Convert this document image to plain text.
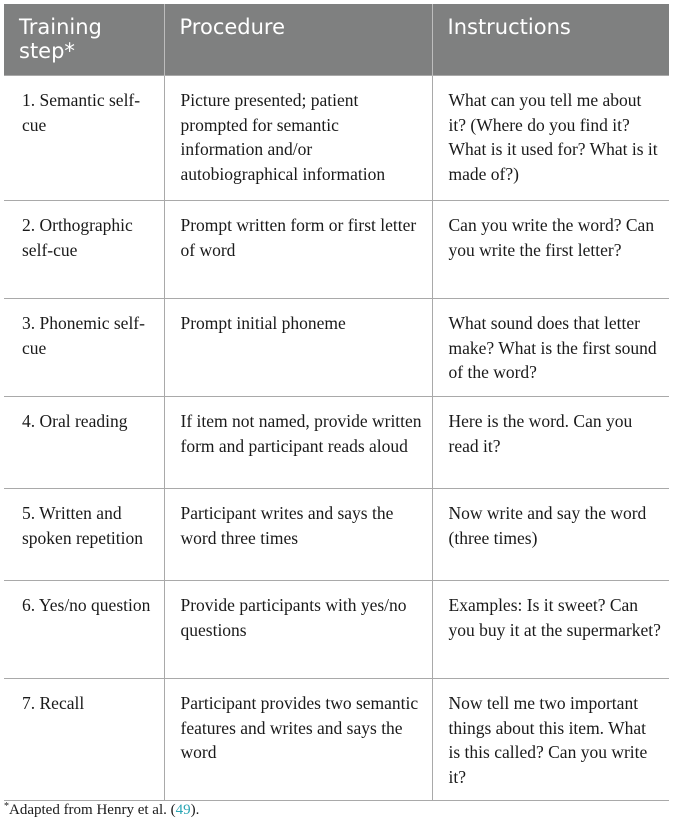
Training step*	Procedure	Instructions
1. Semantic self-cue	Picture presented; patient prompted for semantic information and/or autobiographical information	What can you tell me about it? (Where do you find it? What is it used for? What is it made of?)
2. Orthographic self-cue	Prompt written form or first letter of word	Can you write the word? Can you write the first letter?
3. Phonemic self-cue	Prompt initial phoneme	What sound does that letter make? What is the first sound of the word?
4. Oral reading	If item not named, provide written form and participant reads aloud	Here is the word. Can you read it?
5. Written and spoken repetition	Participant writes and says the word three times	Now write and say the word (three times)
6. Yes/no question	Provide participants with yes/no questions	Examples: Is it sweet? Can you buy it at the supermarket?
7. Recall	Participant provides two semantic features and writes and says the word	Now tell me two important things about this item. What is this called? Can you write it?
*Adapted from Henry et al. (49).
